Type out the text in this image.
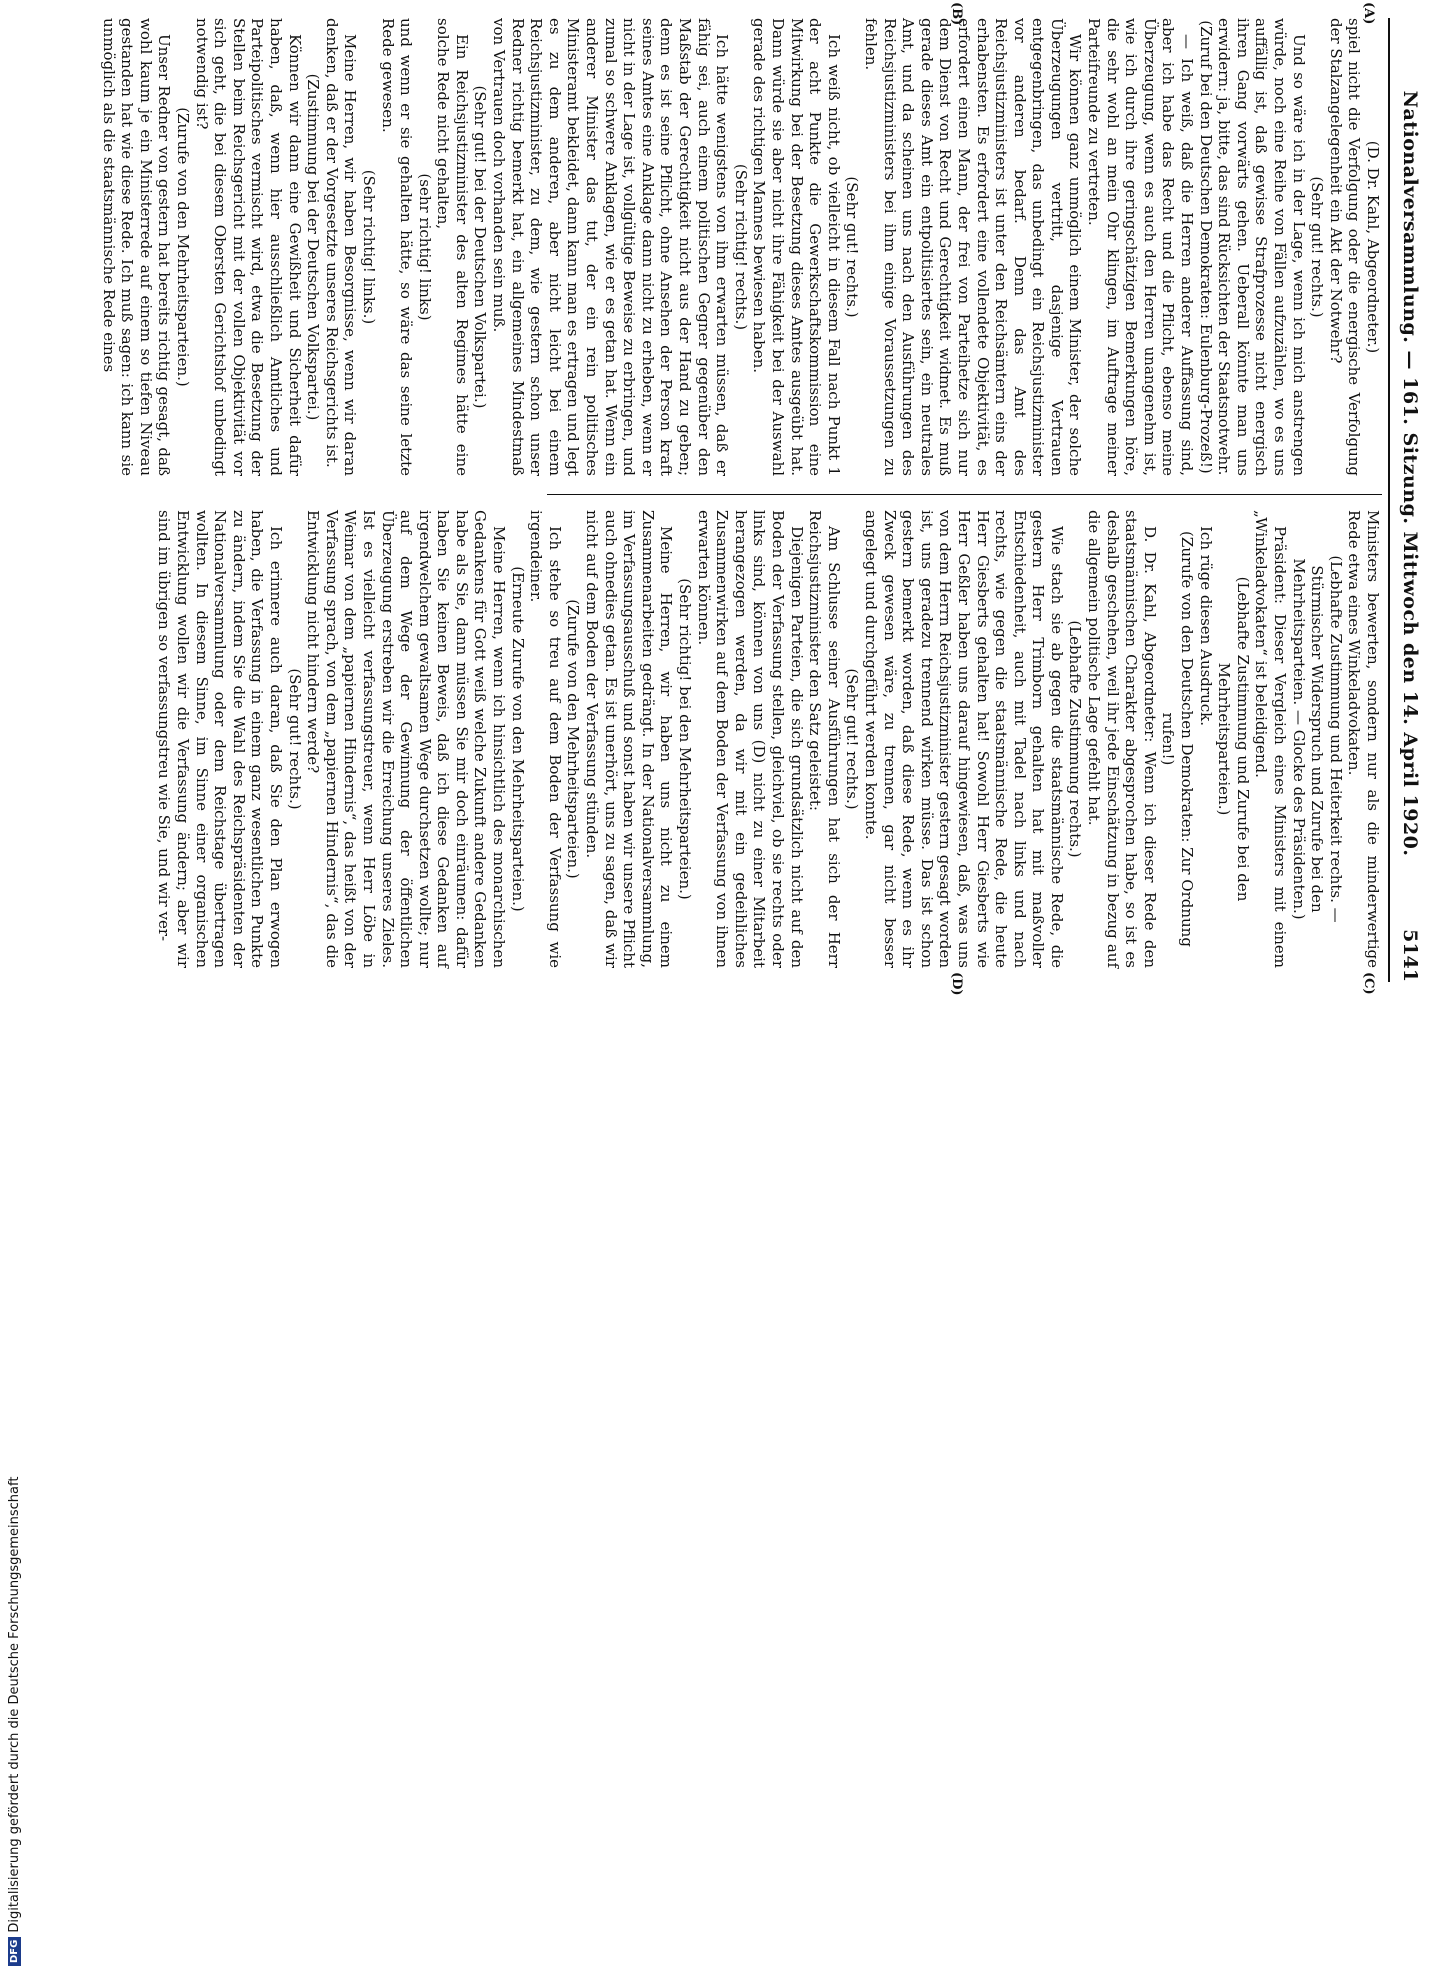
Nationalversammlung. — 161. Sitzung. Mittwoch den 14. April 1920.
5141

(D. Dr. Kahl, Abgeordneter.)

spiel nicht die Verfolgung oder die energische Verfolgung der Stalzangelegenheit ein Akt der Notwehr?

(Sehr gut! rechts.)

Und so wäre ich in der Lage, wenn ich mich anstrengen würde, noch eine Reihe von Fällen aufzuzählen, wo es uns auffällig ist, daß gewisse Strafprozesse nicht energisch ihren Gang vorwärts gehen. Ueberall könnte man uns erwidern: ja, bitte, das sind Rücksichten der Staatsnotwehr.

(Zuruf bei den Deutschen Demokraten: Eulenburg-Prozeß!)

— Ich weiß, daß die Herren anderer Auffassung sind, aber ich habe das Recht und die Pflicht, ebenso meine Überzeugung, wenn es auch den Herren unangenehm ist, wie ich durch ihre geringschätzigen Bemerkungen höre, die sehr wohl an mein Ohr klingen, im Auftrage meiner Parteifreunde zu vertreten.

Wir können ganz unmöglich einem Minister, der solche Überzeugungen vertritt, dasjenige Vertrauen entgegenbringen, das unbedingt ein Reichsjustizminister vor anderen bedarf. Denn das Amt des Reichsjustizministers ist unter den Reichsämtern eins der erhabensten. Es erfordert eine vollendete Objektivität, es erfordert einen Mann, der frei von Parteihetze sich nur dem Dienst von Recht und Gerechtigkeit widmet. Es muß gerade dieses Amt ein entpolitisiertes sein, ein neutrales Amt, und da scheinen uns nach den Ausführungen des Reichsjustizministers bei ihm einige Voraussetzungen zu fehlen.

(Sehr gut! rechts.)

Ich weiß nicht, ob vielleicht in diesem Fall nach Punkt 1 der acht Punkte die Gewerkschaftskommission eine Mitwirkung bei der Besetzung dieses Amtes ausgeübt hat. Dann würde sie aber nicht ihre Fähigkeit bei der Auswahl gerade des richtigen Mannes bewiesen haben.

(Sehr richtig! rechts.)

Ich hätte wenigstens von ihm erwarten müssen, daß er fähig sei, auch einem politischen Gegner gegenüber den Maßstab der Gerechtigkeit nicht aus der Hand zu geben; denn es ist seine Pflicht, ohne Ansehen der Person kraft seines Amtes eine Anklage dann nicht zu erheben, wenn er nicht in der Lage ist, vollgültige Beweise zu erbringen, und zumal so schwere Anklagen, wie er es getan hat. Wenn ein anderer Minister das tut, der ein rein politisches Ministeramt bekleidet, dann kann man es ertragen und legt es zu dem anderen, aber nicht leicht bei einem Reichsjustizminister, zu dem, wie gestern schon unser Redner richtig bemerkt hat, ein allgemeines Mindestmaß von Vertrauen doch vorhanden sein muß.

(Sehr gut! bei der Deutschen Volkspartei.)

Ein Reichsjustizminister des alten Regimes hätte eine solche Rede nicht gehalten,

(sehr richtig! links)

und wenn er sie gehalten hätte, so wäre das seine letzte Rede gewesen.

(Sehr richtig! links.)

Meine Herren, wir haben Besorgnisse, wenn wir daran denken, daß er der Vorgesetzte unseres Reichsgerichts ist.

(Zustimmung bei der Deutschen Volkspartei.)

Können wir dann eine Gewißheit und Sicherheit dafür haben, daß, wenn hier ausschließlich Amtliches und Parteipolitisches vermischt wird, etwa die Besetzung der Stellen beim Reichsgericht mit der vollen Objektivität vor sich geht, die bei diesem Obersten Gerichtshof unbedingt notwendig ist?

(Zurufe von den Mehrheitsparteien.)

Unser Redner von gestern hat bereits richtig gesagt, daß wohl kaum je ein Ministerrede auf einem so tiefen Niveau gestanden hat wie diese Rede. Ich muß sagen: ich kann sie unmöglich als die staatsmännische Rede eines

Ministers bewerten, sondern nur als die minderwertige Rede etwa eines Winkeladvokaten.

(Lebhafte Zustimmung und Heiterkeit rechts. — Stürmischer Widerspruch und Zurufe bei den Mehrheitsparteien. — Glocke des Präsidenten.)

Präsident: Dieser Vergleich eines Ministers mit einem „Winkeladvokaten“ ist beleidigend.

(Lebhafte Zustimmung und Zurufe bei den Mehrheitsparteien.)

Ich rüge diesen Ausdruck.

(Zurufe von den Deutschen Demokraten: Zur Ordnung rufen!)

D. Dr. Kahl, Abgeordneter: Wenn ich dieser Rede den staatsmännischen Charakter abgesprochen habe, so ist es deshalb geschehen, weil ihr jede Einschätzung in bezug auf die allgemein politische Lage gefehlt hat.

(Lebhafte Zustimmung rechts.)

Wie stach sie ab gegen die staatsmännische Rede, die gestern Herr Trimborn gehalten hat mit maßvoller Entschiedenheit, auch mit Tadel nach links und nach rechts, wie gegen die staatsmännische Rede, die heute Herr Giesberts gehalten hat! Sowohl Herr Giesberts wie Herr Geßler haben uns darauf hingewiesen, daß, was uns von dem Herrn Reichsjustizminister gestern gesagt worden ist, uns geradezu trennend wirken müsse. Das ist schon gestern bemerkt worden, daß diese Rede, wenn es ihr Zweck gewesen wäre, zu trennen, gar nicht besser angelegt und durchgeführt werden konnte.

(Sehr gut! rechts.)

Am Schlusse seiner Ausführungen hat sich der Herr Reichsjustizminister den Satz geleistet:

Diejenigen Parteien, die sich grundsätzlich nicht auf den Boden der Verfassung stellen, gleichviel, ob sie rechts oder links sind, können von uns (D) nicht zu einer Mitarbeit herangezogen werden, da wir mit ein gedeihliches Zusammenwirken auf dem Boden der Verfassung von ihnen erwarten können.

(Sehr richtig! bei den Mehrheitsparteien.)

Meine Herren, wir haben uns nicht zu einem Zusammenarbeiten gedrängt. In der Nationalversammlung, im Verfassungsausschuß und sonst haben wir unsere Pflicht auch ohnedies getan. Es ist unerhört, uns zu sagen, daß wir nicht auf dem Boden der Verfassung stünden.

(Zurufe von den Mehrheitsparteien.)

Ich stehe so treu auf dem Boden der Verfassung wie irgendeiner.

(Erneute Zurufe von den Mehrheitsparteien.)

Meine Herren, wenn ich hinsichtlich des monarchischen Gedankens für Gott weiß welche Zukunft andere Gedanken habe als Sie, dann müssen Sie mir doch einräumen: dafür haben Sie keinen Beweis, daß ich diese Gedanken auf irgendwelchem gewaltsamen Wege durchsetzen wollte; nur auf dem Wege der Gewinnung der öffentlichen Überzeugung erstreben wir die Erreichung unseres Zieles. Ist es vielleicht verfassungstreuer, wenn Herr Löbe in Weimar von dem „papiernen Hindernis“, das heißt von der Verfassung sprach, von dem „papiernen Hindernis“, das die Entwicklung nicht hindern werde?

(Sehr gut! rechts.)

Ich erinnere auch daran, daß Sie den Plan erwogen haben, die Verfassung in einem ganz wesentlichen Punkte zu ändern, indem Sie die Wahl des Reichspräsidenten der Nationalversammlung oder dem Reichstage übertragen wollten. In diesem Sinne, im Sinne einer organischen Entwicklung wollen wir die Verfassung ändern; aber wir sind im übrigen so verfassungstreu wie Sie, und wir ver-

(A)
(B)
(C)
(D)
DFG
Digitalisierung gefördert durch die Deutsche Forschungsgemeinschaft
